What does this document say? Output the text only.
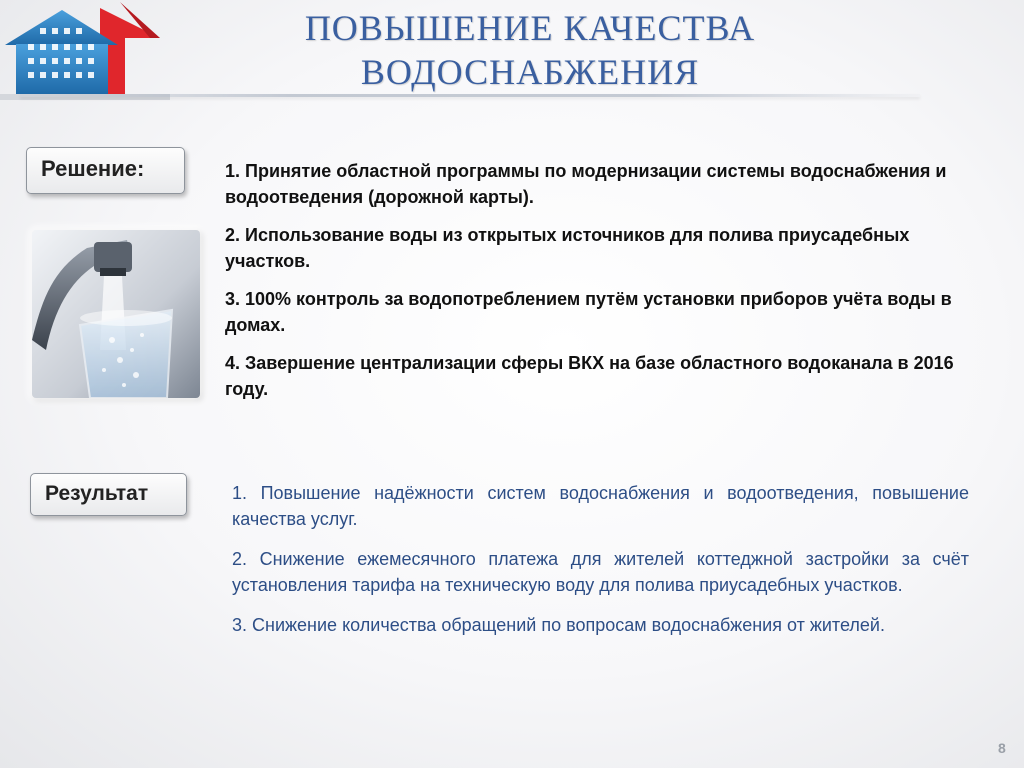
ПОВЫШЕНИЕ КАЧЕСТВА
ВОДОСНАБЖЕНИЯ
Решение:	1. Принятие областной программы по модернизации системы водоснабжения и водоотведения (дорожной карты).
2. Использование воды из открытых источников для полива приусадебных участков.
3. 100% контроль за водопотреблением путём установки приборов учёта воды в домах.
4. Завершение централизации сферы ВКХ на базе областного водоканала в 2016 году.
Результат	1. Повышение надёжности систем водоснабжения и водоотведения, повышение качества услуг.
2. Снижение ежемесячного платежа для жителей коттеджной застройки за счёт установления тарифа на техническую воду для полива приусадебных участков.
3. Снижение количества обращений по вопросам водоснабжения от жителей.
8
